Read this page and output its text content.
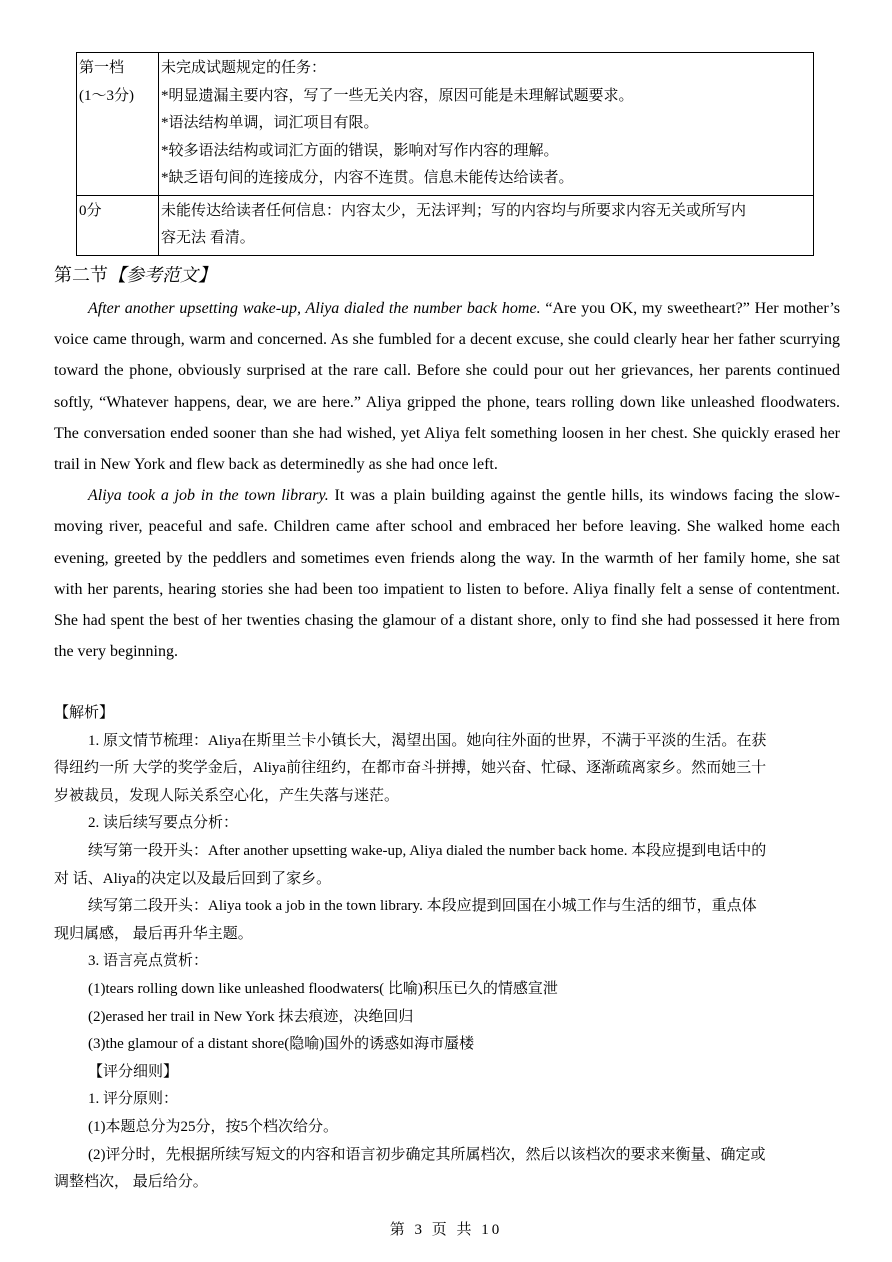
第一档
(1～3分)	未完成试题规定的任务：
*明显遗漏主要内容，写了一些无关内容，原因可能是未理解试题要求。
*语法结构单调，词汇项目有限。
*较多语法结构或词汇方面的错误，影响对写作内容的理解。
*缺乏语句间的连接成分，内容不连贯。信息未能传达给读者。

0分	未能传达给读者任何信息：内容太少，无法评判；写的内容均与所要求内容无关或所写内
容无法 看清。
第二节【参考范文】

After another upsetting wake-up, Aliya dialed the number back home. “Are you OK, my sweetheart?” Her mother’s voice came through, warm and concerned. As she fumbled for a decent excuse, she could clearly hear her father scurrying toward the phone, obviously surprised at the rare call. Before she could pour out her grievances, her parents continued softly, “Whatever happens, dear, we are here.” Aliya gripped the phone, tears rolling down like unleashed floodwaters. The conversation ended sooner than she had wished, yet Aliya felt something loosen in her chest. She quickly erased her trail in New York and flew back as determinedly as she had once left.

Aliya took a job in the town library. It was a plain building against the gentle hills, its windows facing the slow-moving river, peaceful and safe. Children came after school and embraced her before leaving. She walked home each evening, greeted by the peddlers and sometimes even friends along the way. In the warmth of her family home, she sat with her parents, hearing stories she had been too impatient to listen to before. Aliya finally felt a sense of contentment. She had spent the best of her twenties chasing the glamour of a distant shore, only to find she had possessed it here from the very beginning.

【解析】
1. 原文情节梳理：Aliya在斯里兰卡小镇长大，渴望出国。她向往外面的世界，不满于平淡的生活。在获
得纽约一所 大学的奖学金后，Aliya前往纽约，在都市奋斗拼搏，她兴奋、忙碌、逐渐疏离家乡。然而她三十
岁被裁员，发现人际关系空心化，产生失落与迷茫。
2. 读后续写要点分析：
续写第一段开头：After another upsetting wake-up, Aliya dialed the number back home. 本段应提到电话中的
对 话、Aliya的决定以及最后回到了家乡。
续写第二段开头：Aliya took a job in the town library. 本段应提到回国在小城工作与生活的细节，重点体
现归属感， 最后再升华主题。
3. 语言亮点赏析：
(1)tears rolling down like unleashed floodwaters( 比喻)积压已久的情感宣泄
(2)erased her trail in New York 抹去痕迹，决绝回归
(3)the glamour of a distant shore(隐喻)国外的诱惑如海市蜃楼
【评分细则】
1. 评分原则：
(1)本题总分为25分，按5个档次给分。
(2)评分时，先根据所续写短文的内容和语言初步确定其所属档次，然后以该档次的要求来衡量、确定或
调整档次， 最后给分。
第 3 页 共 10
